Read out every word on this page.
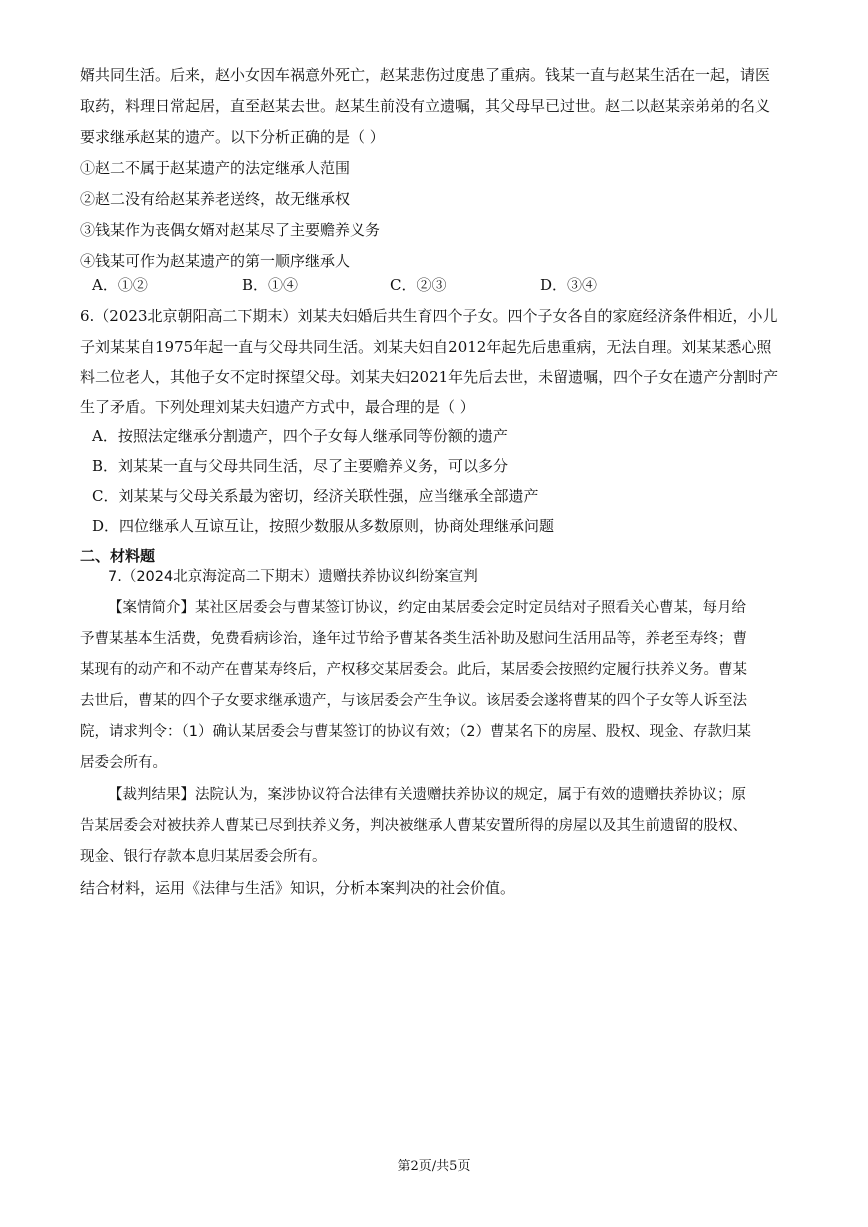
婿共同生活。后来，赵小女因车祸意外死亡，赵某悲伤过度患了重病。钱某一直与赵某生活在一起，请医
取药，料理日常起居，直至赵某去世。赵某生前没有立遗嘱，其父母早已过世。赵二以赵某亲弟弟的名义
要求继承赵某的遗产。以下分析正确的是（ ）
①赵二不属于赵某遗产的法定继承人范围
②赵二没有给赵某养老送终，故无继承权
③钱某作为丧偶女婿对赵某尽了主要赡养义务
④钱某可作为赵某遗产的第一顺序继承人
A．①②	B．①④	C．②③	D．③④
6.（2023北京朝阳高二下期末）刘某夫妇婚后共生育四个子女。四个子女各自的家庭经济条件相近，小儿
子刘某某自1975年起一直与父母共同生活。刘某夫妇自2012年起先后患重病，无法自理。刘某某悉心照
料二位老人，其他子女不定时探望父母。刘某夫妇2021年先后去世，未留遗嘱，四个子女在遗产分割时产
生了矛盾。下列处理刘某夫妇遗产方式中，最合理的是（ ）
A．按照法定继承分割遗产，四个子女每人继承同等份额的遗产
B．刘某某一直与父母共同生活，尽了主要赡养义务，可以多分
C．刘某某与父母关系最为密切，经济关联性强，应当继承全部遗产
D．四位继承人互谅互让，按照少数服从多数原则，协商处理继承问题
二、材料题
7.（2024北京海淀高二下期末）遗赠扶养协议纠纷案宣判
【案情简介】某社区居委会与曹某签订协议，约定由某居委会定时定员结对子照看关心曹某，每月给
予曹某基本生活费，免费看病诊治，逢年过节给予曹某各类生活补助及慰问生活用品等，养老至寿终；曹
某现有的动产和不动产在曹某寿终后，产权移交某居委会。此后，某居委会按照约定履行扶养义务。曹某
去世后，曹某的四个子女要求继承遗产，与该居委会产生争议。该居委会遂将曹某的四个子女等人诉至法
院，请求判令：（1）确认某居委会与曹某签订的协议有效；（2）曹某名下的房屋、股权、现金、存款归某
居委会所有。
【裁判结果】法院认为，案涉协议符合法律有关遗赠扶养协议的规定，属于有效的遗赠扶养协议；原
告某居委会对被扶养人曹某已尽到扶养义务，判决被继承人曹某安置所得的房屋以及其生前遗留的股权、
现金、银行存款本息归某居委会所有。
结合材料，运用《法律与生活》知识，分析本案判决的社会价值。
第2页/共5页
